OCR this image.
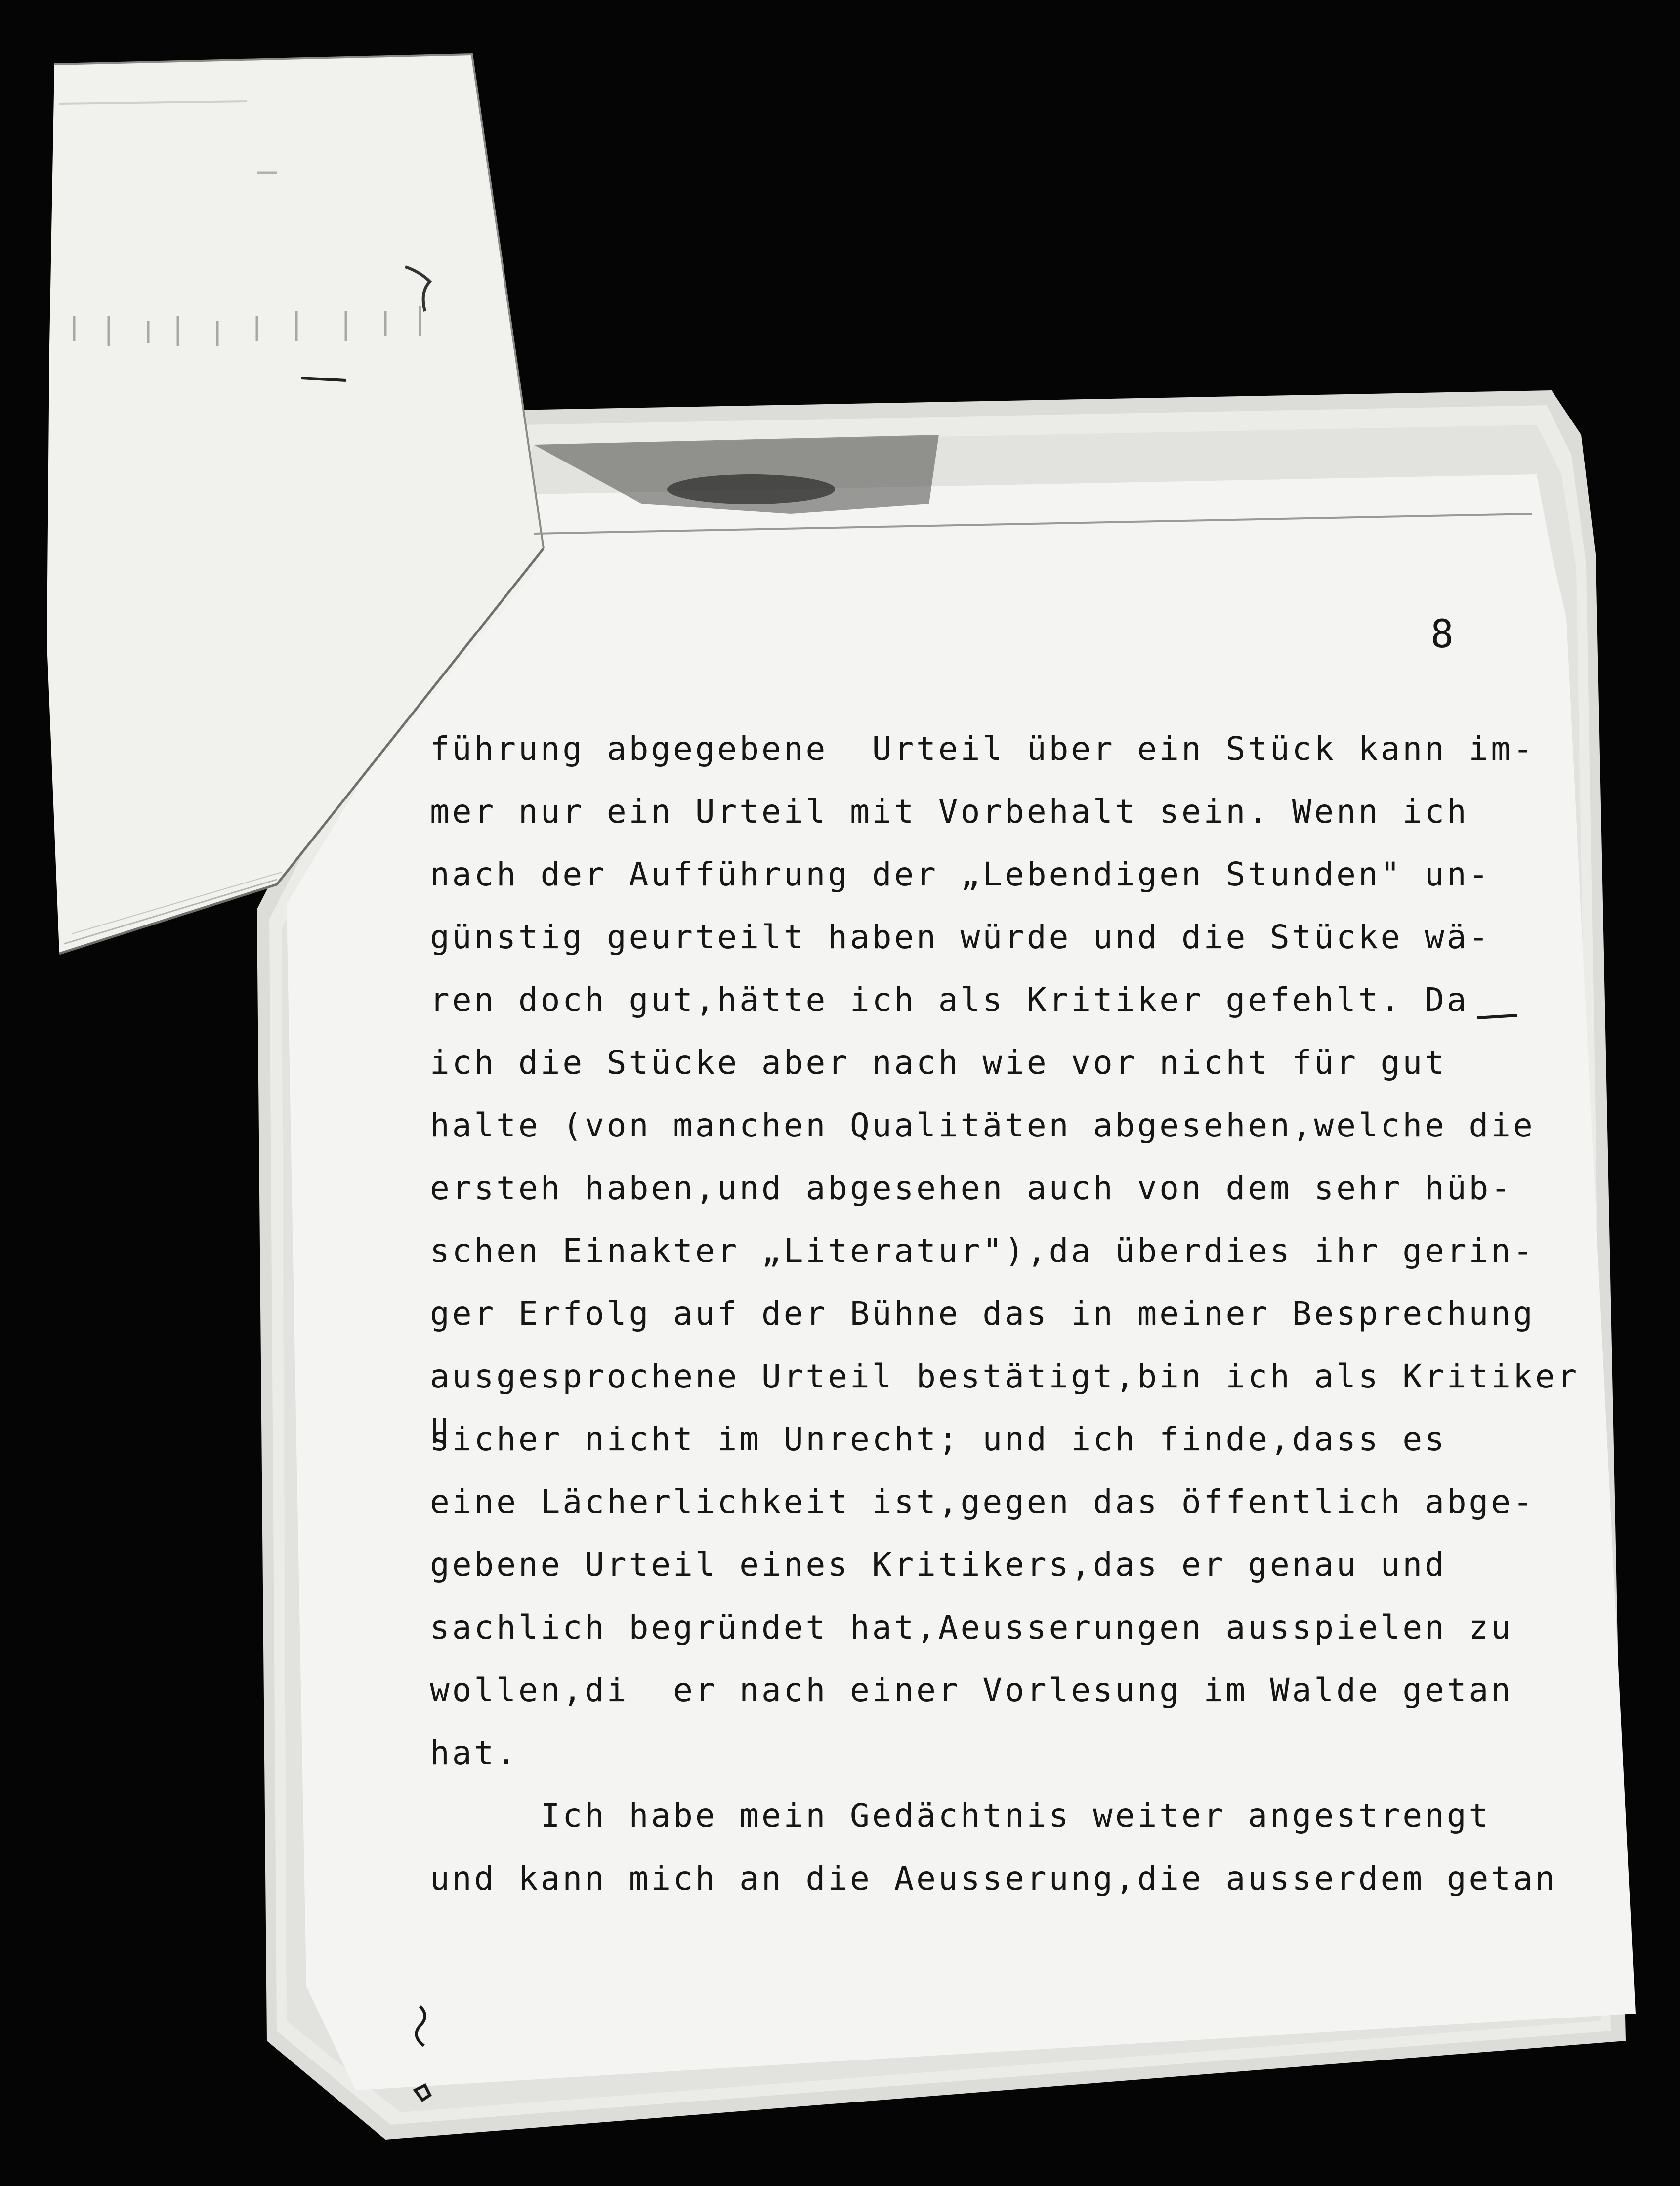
8

führung abgegebene  Urteil über ein Stück kann im-

mer nur ein Urteil mit Vorbehalt sein. Wenn ich

nach der Aufführung der „Lebendigen Stunden" un-

günstig geurteilt haben würde und die Stücke wä-

ren doch gut,hätte ich als Kritiker gefehlt. Da

ich die Stücke aber nach wie vor nicht für gut

halte (von manchen Qualitäten abgesehen,welche die

ersteh haben,und abgesehen auch von dem sehr hüb-

schen Einakter „Literatur"),da überdies ihr gerin-

ger Erfolg auf der Bühne das in meiner Besprechung

ausgesprochene Urteil bestätigt,bin ich als Kritiker

sicher nicht im Unrecht; und ich finde,dass es

eine Lächerlichkeit ist,gegen das öffentlich abge-

gebene Urteil eines Kritikers,das er genau und

sachlich begründet hat,Aeusserungen ausspielen zu

wollen,di  er nach einer Vorlesung im Walde getan

hat.

Ich habe mein Gedächtnis weiter angestrengt

und kann mich an die Aeusserung,die ausserdem getan
